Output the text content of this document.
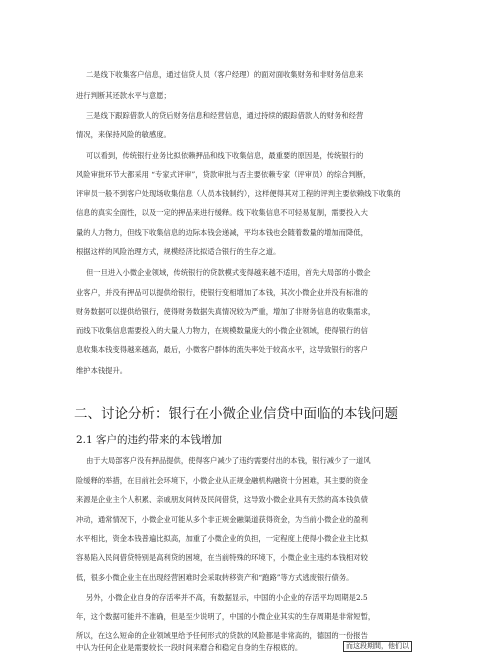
二是线下收集客户信息，通过信贷人员（客户经理）的面对面收集财务和非财务信息来
进行判断其还款水平与意愿；
三是线下跟踪借款人的贷后财务信息和经营信息，通过持续的跟踪借款人的财务和经营
情况，来保持风险的敏感度。
可以看到，传统银行业务比拟依赖押品和线下收集信息，最重要的原因是，传统银行的
风险审批环节大都采用 “专家式评审”，贷款审批与否主要依赖专家（评审员）的综合判断，
评审员一般不到客户处现场收集信息（人员本钱制约），这样便得其对工程的评判主要依赖线下收集的
信息的真实全面性，以及一定的押品来进行缓释。线下收集信息不可轻易复制，需要投入大
量的人力物力，但线下收集信息的边际本钱会递减，平均本钱也会随着数量的增加而降低，
根据这样的风险治理方式，规模经济比拟适合银行的生存之道。
但一旦进入小微企业领域，传统银行的贷款模式变得越来越不适用，首先大局部的小微企
业客户，并没有押品可以提供给银行，使银行变相增加了本钱，其次小微企业并没有标准的
财务数据可以提供给银行，使得财务数据失真情况较为严重，增加了非财务信息的收集需求，
而线下收集信息需要投入的大量人力物力，在规模数量庞大的小微企业领域，使得银行的信
息收集本钱变得越来越高，最后，小微客户群体的流失率处于较高水平，这导致银行的客户
维护本钱提升。
二、讨论分析：银行在小微企业信贷中面临的本钱问题
2.1 客户的违约带来的本钱增加
由于大局部客户没有押品提供，使得客户减少了违约需要付出的本钱，银行减少了一道风
险缓释的举措，在目前社会环境下，小微企业从正规金融机构融资十分困难，其主要的资金
来源是企业主个人积累、亲戚朋友间转及民间借贷，这导致小微企业具有天然的高本钱负债
冲动，通常情况下，小微企业可能从多个非正规金融渠道获得资金，为当前小微企业的盈利
水平相比，资金本钱普遍比拟高，加重了小微企业的负担，一定程度上使得小微企业主比拟
容易陷入民间借贷特别是高利贷的困境，在当前特殊的环境下，小微企业主违约本钱相对较
低，很多小微企业主在出现经营困难时会采取转移资产和“跑路”等方式逃废银行债务。
另外，小微企业自身的存活率并不高，有数据显示，中国的小企业的存活平均周期是2.5
年，这个数据可能并不准确，但是至少说明了，中国的小微企业其实的生存周期是非常短暂，
所以，在这么短命的企业领域里给予任何形式的贷款的风险都是非常高的，德国的一份报告
中认为任何企业是需要较长一段时间来磨合和稳定自身的生存根底的。	而这段期間，他们以
